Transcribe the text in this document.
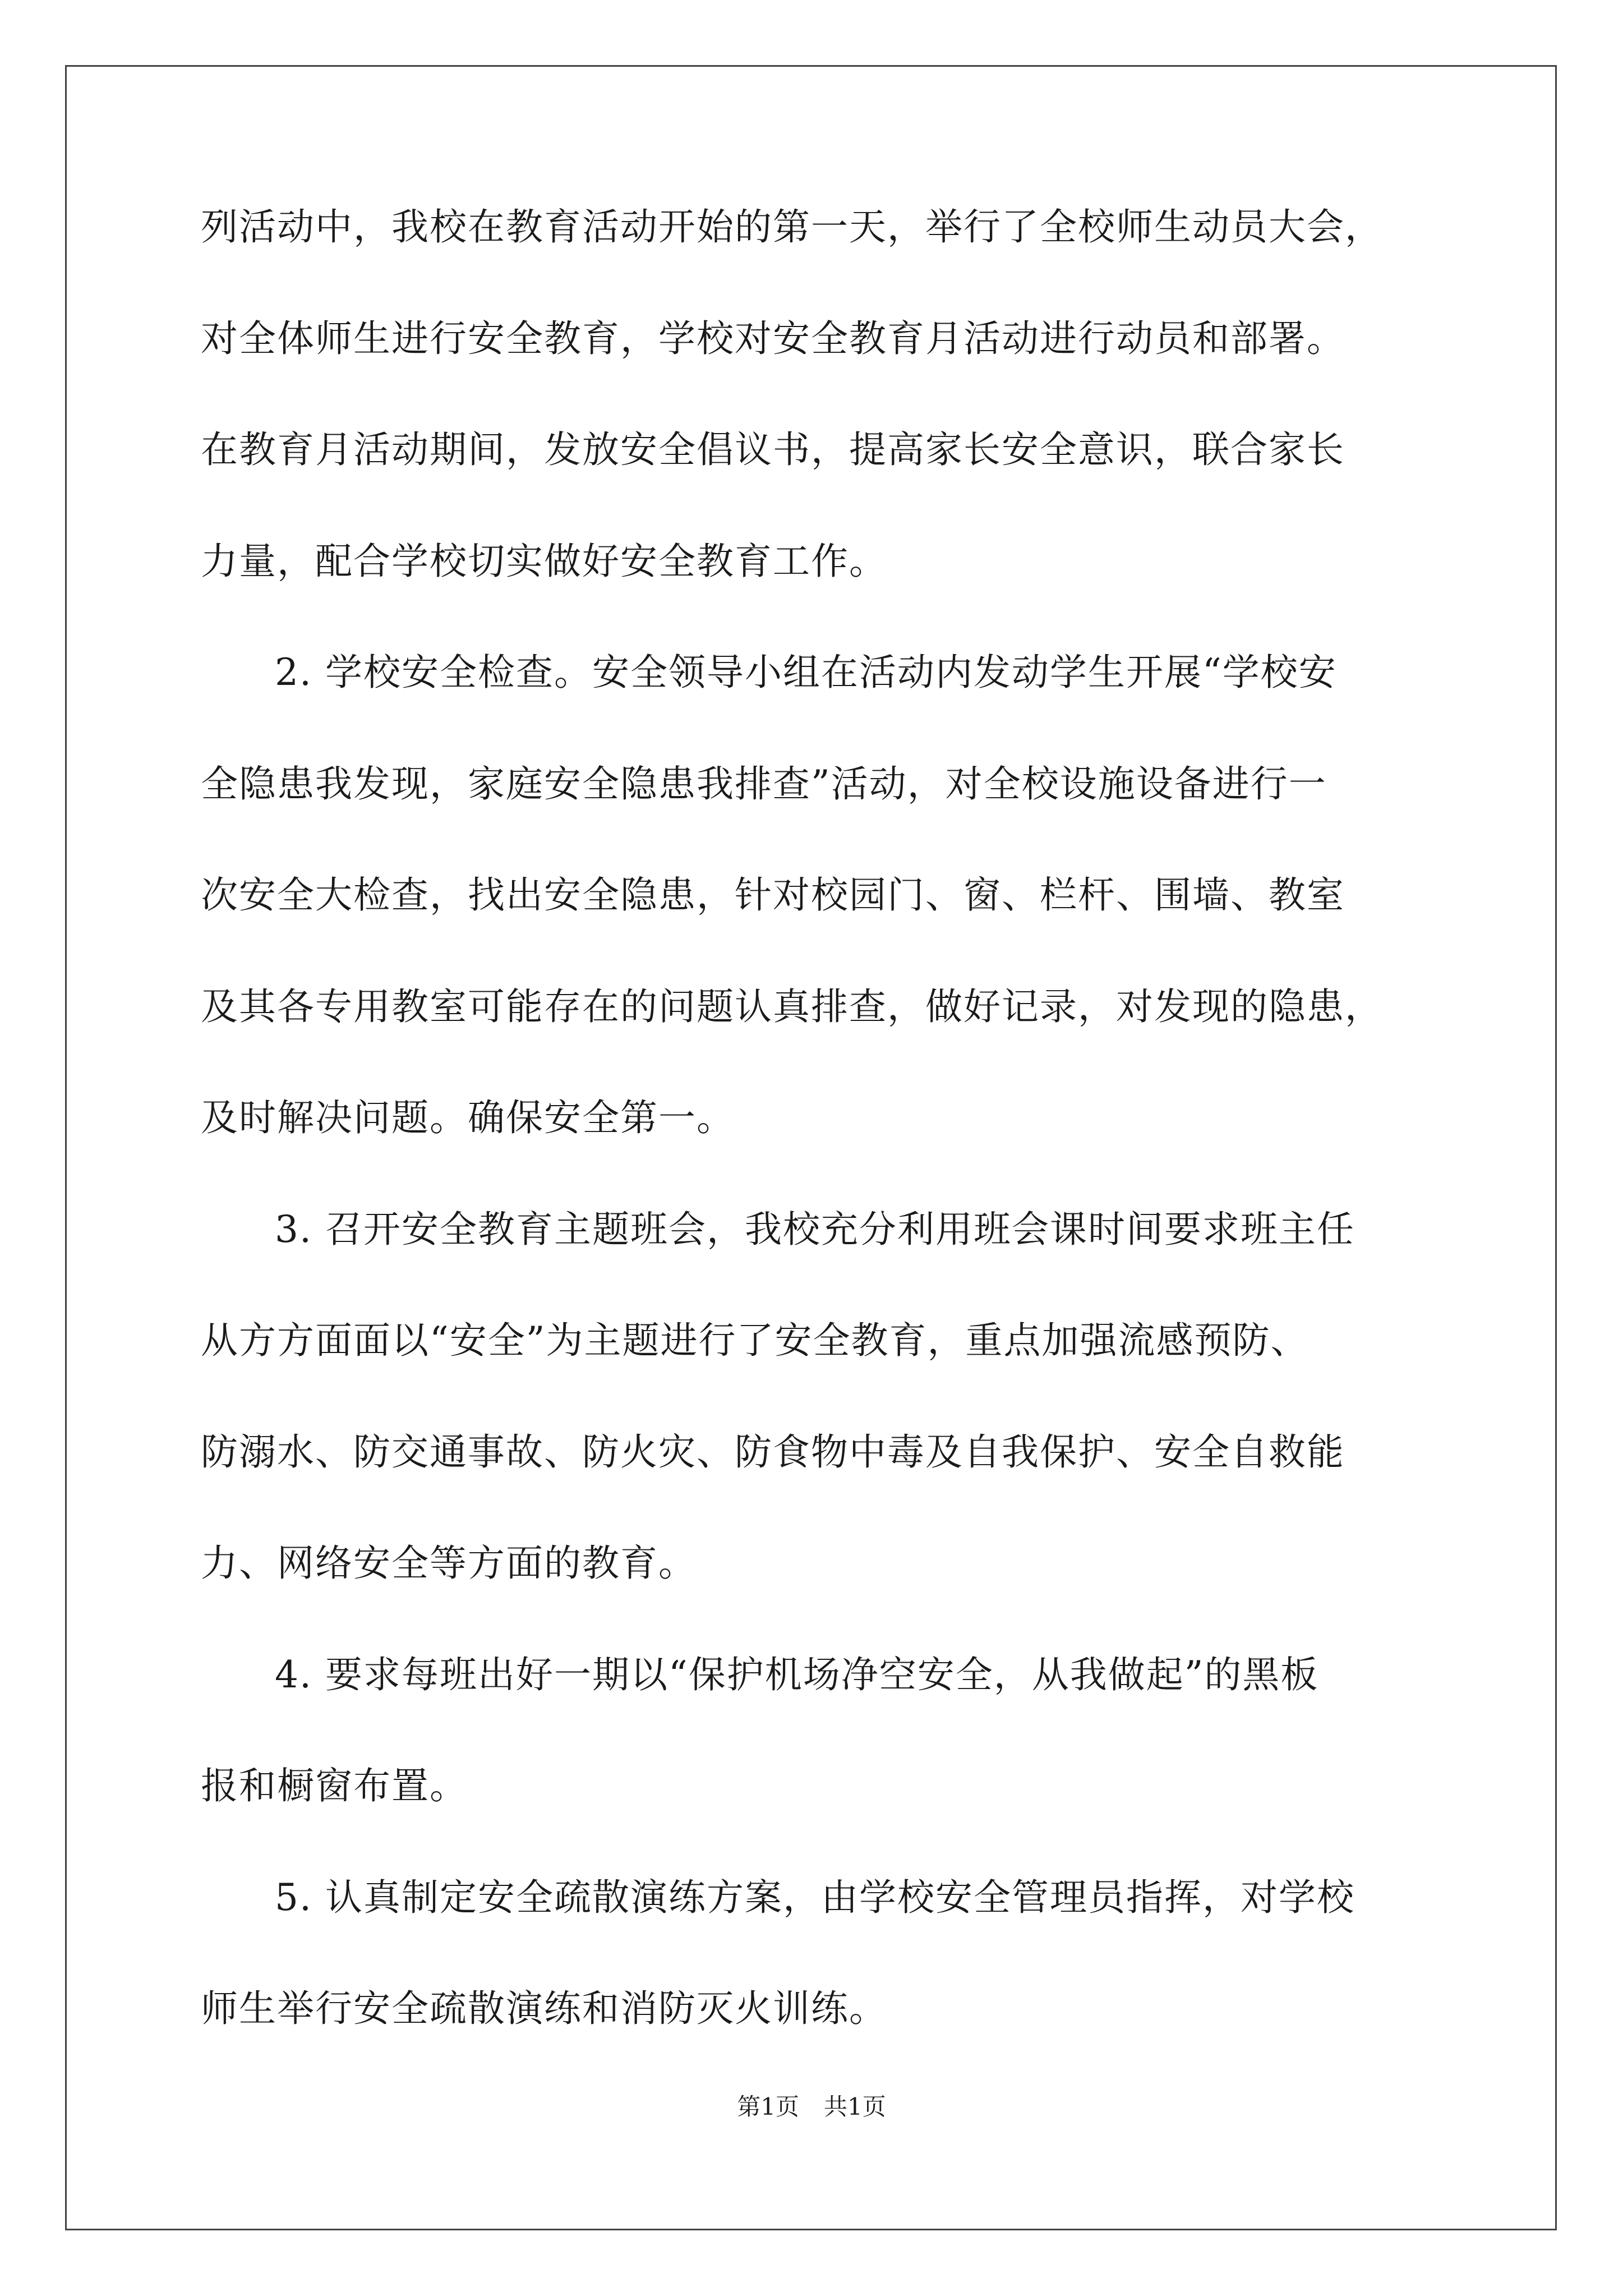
列活动中，我校在教育活动开始的第一天，举行了全校师生动员大会，
对全体师生进行安全教育，学校对安全教育月活动进行动员和部署。
在教育月活动期间，发放安全倡议书，提高家长安全意识，联合家长
力量，配合学校切实做好安全教育工作。
2. 学校安全检查。安全领导小组在活动内发动学生开展“学校安
全隐患我发现，家庭安全隐患我排查”活动，对全校设施设备进行一
次安全大检查，找出安全隐患，针对校园门、窗、栏杆、围墙、教室
及其各专用教室可能存在的问题认真排查，做好记录，对发现的隐患，
及时解决问题。确保安全第一。
3. 召开安全教育主题班会，我校充分利用班会课时间要求班主任
从方方面面以“安全”为主题进行了安全教育，重点加强流感预防、
防溺水、防交通事故、防火灾、防食物中毒及自我保护、安全自救能
力、网络安全等方面的教育。
4. 要求每班出好一期以“保护机场净空安全，从我做起”的黑板
报和橱窗布置。
5. 认真制定安全疏散演练方案，由学校安全管理员指挥，对学校
师生举行安全疏散演练和消防灭火训练。
第1页 共1页
